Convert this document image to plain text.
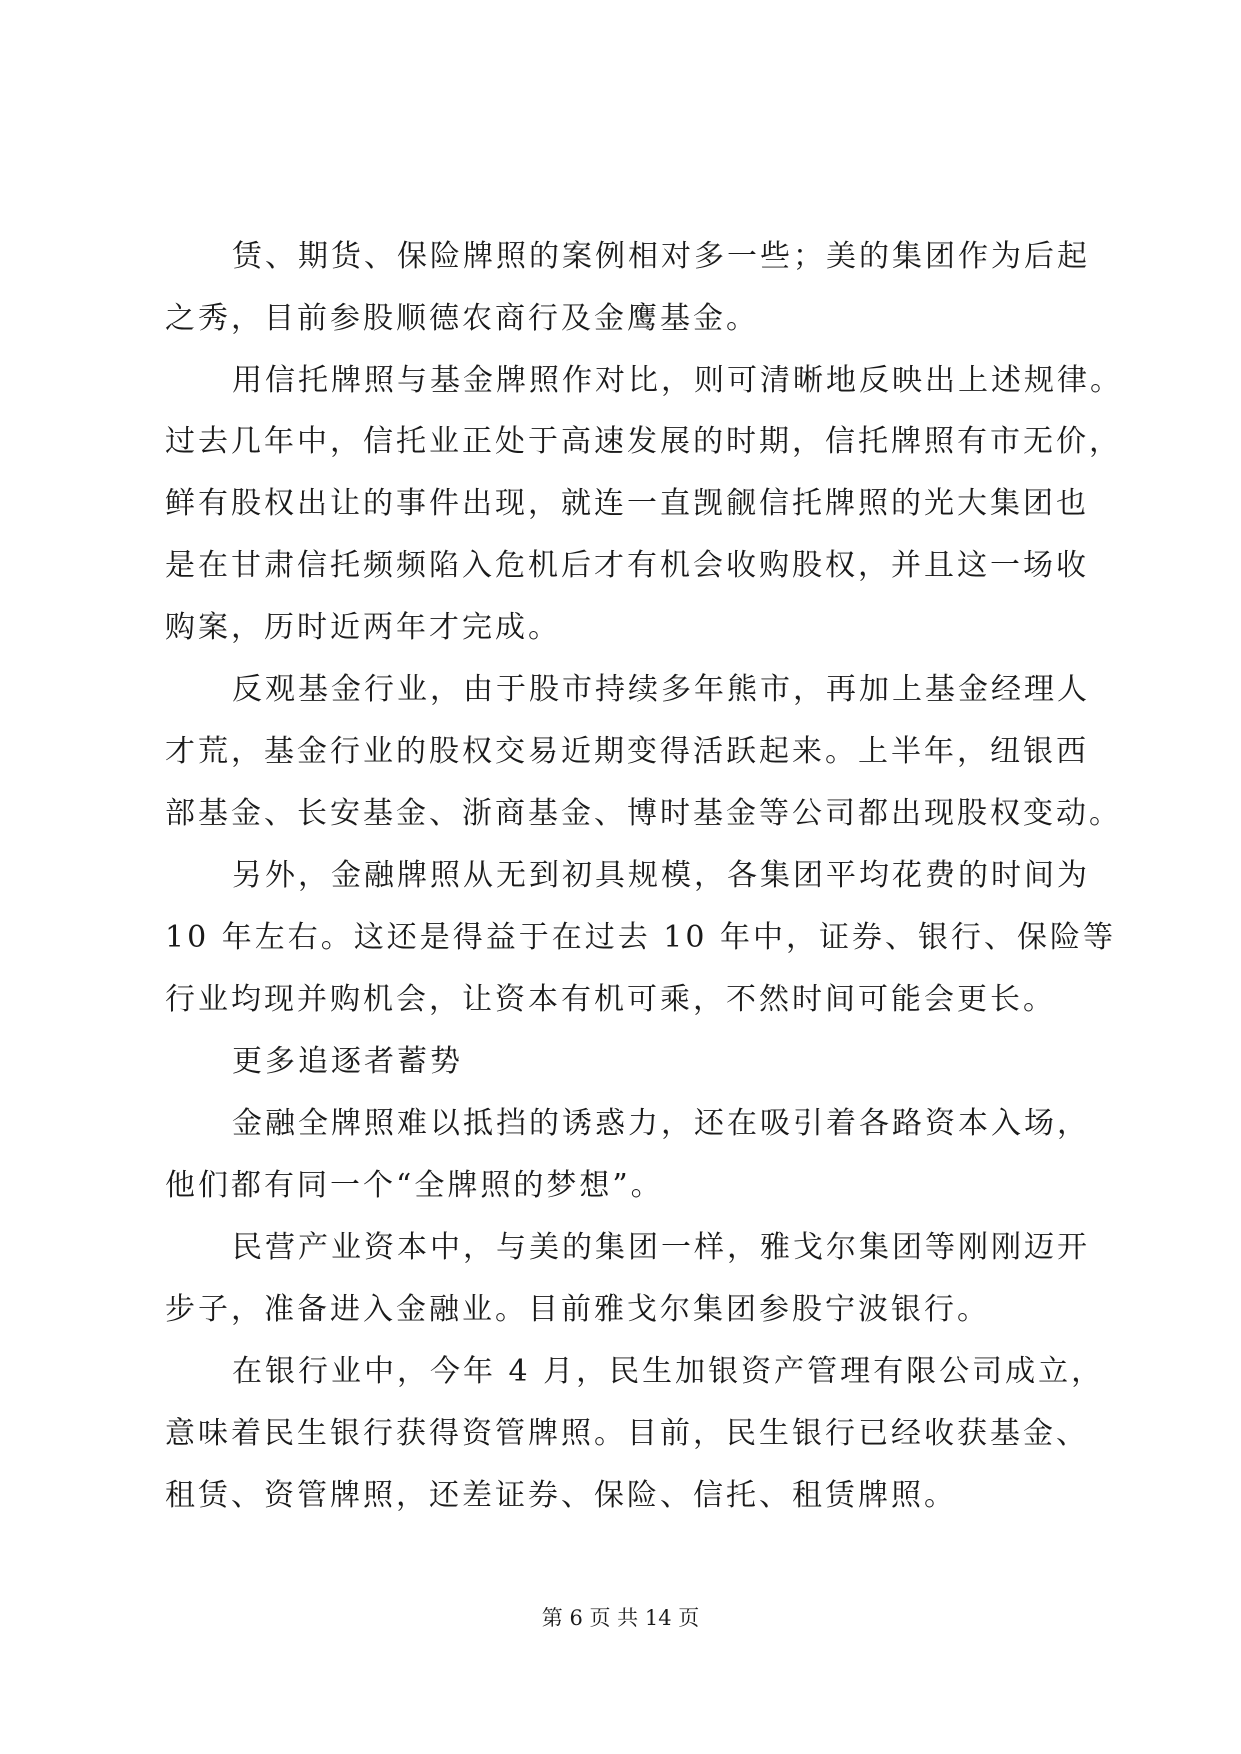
赁、期货、保险牌照的案例相对多一些；美的集团作为后起
之秀，目前参股顺德农商行及金鹰基金。
用信托牌照与基金牌照作对比，则可清晰地反映出上述规律。
过去几年中，信托业正处于高速发展的时期，信托牌照有市无价，
鲜有股权出让的事件出现，就连一直觊觎信托牌照的光大集团也
是在甘肃信托频频陷入危机后才有机会收购股权，并且这一场收
购案，历时近两年才完成。
反观基金行业，由于股市持续多年熊市，再加上基金经理人
才荒，基金行业的股权交易近期变得活跃起来。上半年，纽银西
部基金、长安基金、浙商基金、博时基金等公司都出现股权变动。
另外，金融牌照从无到初具规模，各集团平均花费的时间为
10 年左右。这还是得益于在过去 10 年中，证券、银行、保险等
行业均现并购机会，让资本有机可乘，不然时间可能会更长。
更多追逐者蓄势
金融全牌照难以抵挡的诱惑力，还在吸引着各路资本入场，
他们都有同一个“全牌照的梦想”。
民营产业资本中，与美的集团一样，雅戈尔集团等刚刚迈开
步子，准备进入金融业。目前雅戈尔集团参股宁波银行。
在银行业中，今年 4 月，民生加银资产管理有限公司成立，
意味着民生银行获得资管牌照。目前，民生银行已经收获基金、
租赁、资管牌照，还差证券、保险、信托、租赁牌照。
第 6 页 共 14 页
